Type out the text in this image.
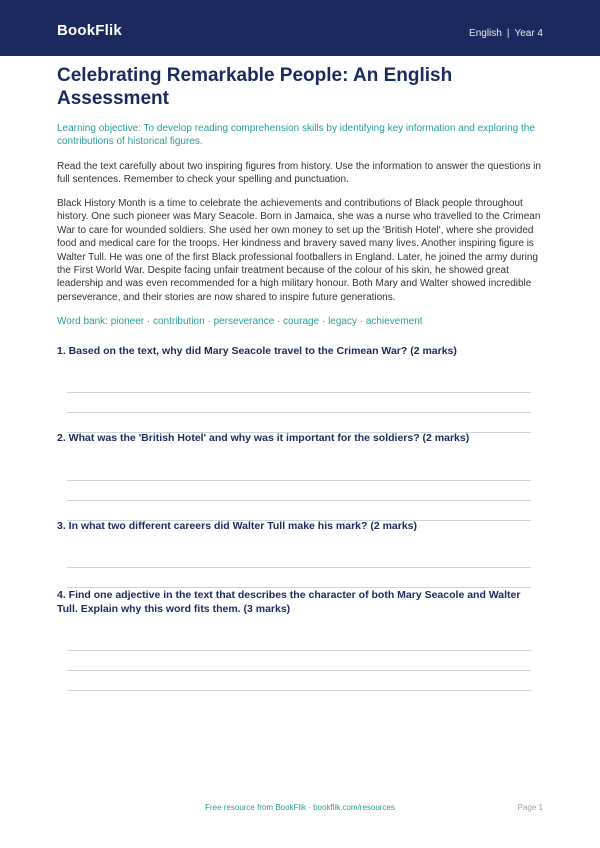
BookFlik	English | Year 4
Celebrating Remarkable People: An English Assessment

Learning objective: To develop reading comprehension skills by identifying key information and exploring the contributions of historical figures.

Read the text carefully about two inspiring figures from history. Use the information to answer the questions in full sentences. Remember to check your spelling and punctuation.

Black History Month is a time to celebrate the achievements and contributions of Black people throughout history. One such pioneer was Mary Seacole. Born in Jamaica, she was a nurse who travelled to the Crimean War to care for wounded soldiers. She used her own money to set up the 'British Hotel', where she provided food and medical care for the troops. Her kindness and bravery saved many lives. Another inspiring figure is Walter Tull. He was one of the first Black professional footballers in England. Later, he joined the army during the First World War. Despite facing unfair treatment because of the colour of his skin, he showed great leadership and was even recommended for a high military honour. Both Mary and Walter showed incredible perseverance, and their stories are now shared to inspire future generations.

Word bank: pioneer · contribution · perseverance · courage · legacy · achievement

1. Based on the text, why did Mary Seacole travel to the Crimean War? (2 marks)
2. What was the 'British Hotel' and why was it important for the soldiers? (2 marks)
3. In what two different careers did Walter Tull make his mark? (2 marks)
4. Find one adjective in the text that describes the character of both Mary Seacole and Walter Tull. Explain why this word fits them. (3 marks)
Free resource from BookFlik · bookflik.com/resources	Page 1
